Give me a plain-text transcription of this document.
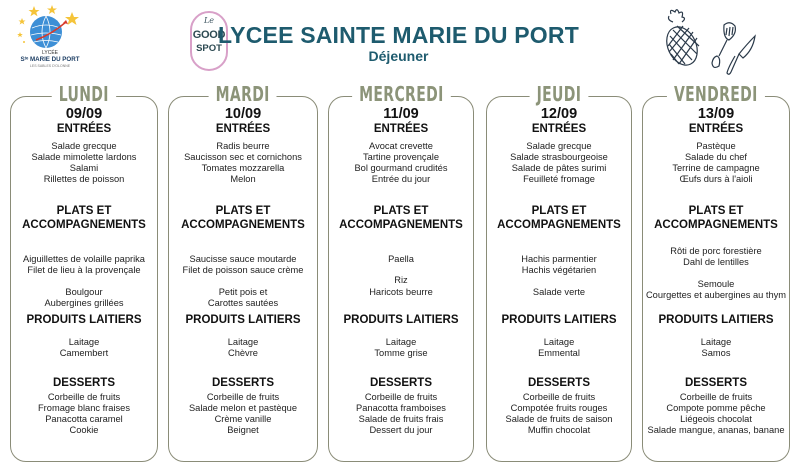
LYCÉE
Sᵗᵉ MARIE DU PORT
LES SABLES D'OLONNE
Le
GOOD
SPOT
LYCEE SAINTE MARIE DU PORT
Déjeuner
LUNDI
09/09
ENTRÉES
Salade grecque
Salade mimolette lardons
Salami
Rillettes de poisson
PLATS ET
ACCOMPAGNEMENTS
Aiguillettes de volaille paprika
Filet de lieu à la provençale
Boulgour
Aubergines grillées
PRODUITS LAITIERS
Laitage
Camembert
DESSERTS
Corbeille de fruits
Fromage blanc fraises
Panacotta caramel
Cookie
MARDI
10/09
ENTRÉES
Radis beurre
Saucisson sec et cornichons
Tomates mozzarella
Melon
PLATS ET
ACCOMPAGNEMENTS
Saucisse sauce moutarde
Filet de poisson sauce crème
Petit pois et
Carottes sautées
PRODUITS LAITIERS
Laitage
Chèvre
DESSERTS
Corbeille de fruits
Salade melon et pastèque
Crème vanille
Beignet
MERCREDI
11/09
ENTRÉES
Avocat crevette
Tartine provençale
Bol gourmand crudités
Entrée du jour
PLATS ET
ACCOMPAGNEMENTS
Paella
Riz
Haricots beurre
PRODUITS LAITIERS
Laitage
Tomme grise
DESSERTS
Corbeille de fruits
Panacotta framboises
Salade de fruits frais
Dessert du jour
JEUDI
12/09
ENTRÉES
Salade grecque
Salade strasbourgeoise
Salade de pâtes surimi
Feuilleté fromage
PLATS ET
ACCOMPAGNEMENTS
Hachis parmentier
Hachis végétarien
Salade verte
PRODUITS LAITIERS
Laitage
Emmental
DESSERTS
Corbeille de fruits
Compotée fruits rouges
Salade de fruits de saison
Muffin chocolat
VENDREDI
13/09
ENTRÉES
Pastèque
Salade du chef
Terrine de campagne
Œufs durs à l'aioli
PLATS ET
ACCOMPAGNEMENTS
Rôti de porc forestière
Dahl de lentilles
Semoule
Courgettes et aubergines au thym
PRODUITS LAITIERS
Laitage
Samos
DESSERTS
Corbeille de fruits
Compote pomme pêche
Liégeois chocolat
Salade mangue, ananas, banane
